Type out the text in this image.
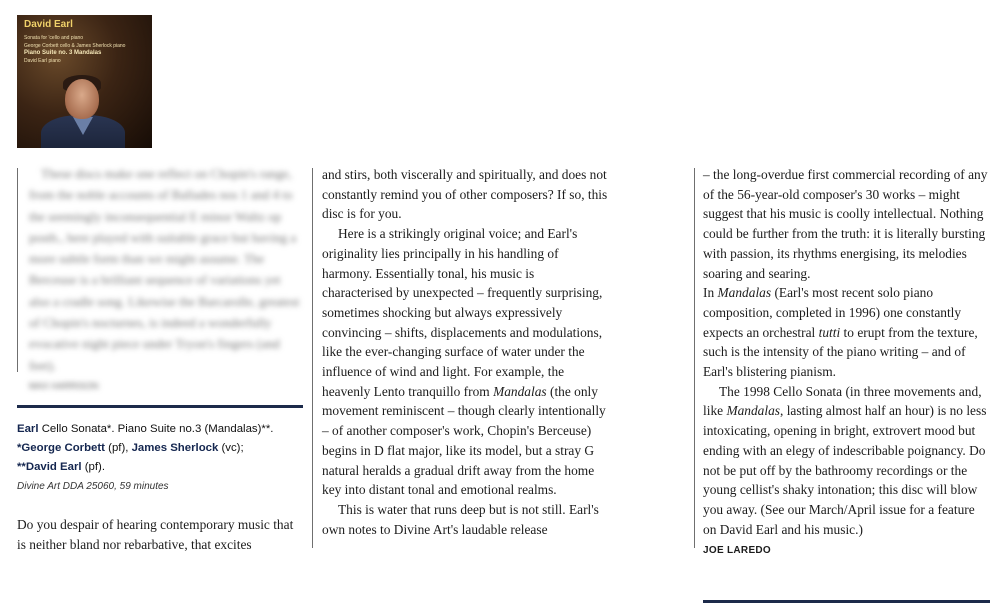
David Earl
Sonata for 'cello and piano
George Corbett cello & James Sherlock piano
Piano Suite no. 3 Mandalas
David Earl piano

These discs make one reflect on Chopin's range, from the noble accounts of Ballades nos 1 and 4 to the seemingly inconsequential E minor Waltz op posth., here played with suitable grace but having a more subtle form than we might assume. The Berceuse is a brilliant sequence of variations yet also a cradle song. Likewise the Barcarolle, greatest of Chopin's nocturnes, is indeed a wonderfully evocative night piece under Tryon's fingers (and feet).

MAX HARRISON

Earl Cello Sonata*. Piano Suite no.3 (Mandalas)**.
*George Corbett (pf), James Sherlock (vc);
**David Earl (pf).
Divine Art DDA 25060, 59 minutes

Do you despair of hearing contemporary music that is neither bland nor rebarbative, that excites

and stirs, both viscerally and spiritually, and does not constantly remind you of other composers? If so, this disc is for you.

Here is a strikingly original voice; and Earl's originality lies principally in his handling of harmony. Essentially tonal, his music is characterised by unexpected – frequently surprising, sometimes shocking but always expressively convincing – shifts, displacements and modulations, like the ever-changing surface of water under the influence of wind and light. For example, the heavenly Lento tranquillo from Mandalas (the only movement reminiscent – though clearly intentionally – of another composer's work, Chopin's Berceuse) begins in D flat major, like its model, but a stray G natural heralds a gradual drift away from the home key into distant tonal and emotional realms.

This is water that runs deep but is not still. Earl's own notes to Divine Art's laudable release

– the long-overdue first commercial recording of any of the 56-year-old composer's 30 works – might suggest that his music is coolly intellectual. Nothing could be further from the truth: it is literally bursting with passion, its rhythms energising, its melodies soaring and searing.

In Mandalas (Earl's most recent solo piano composition, completed in 1996) one constantly expects an orchestral tutti to erupt from the texture, such is the intensity of the piano writing – and of Earl's blistering pianism.

The 1998 Cello Sonata (in three movements and, like Mandalas, lasting almost half an hour) is no less intoxicating, opening in bright, extrovert mood but ending with an elegy of indescribable poignancy. Do not be put off by the bathroomy recordings or the young cellist's shaky intonation; this disc will blow you away. (See our March/April issue for a feature on David Earl and his music.)

JOE LAREDO
